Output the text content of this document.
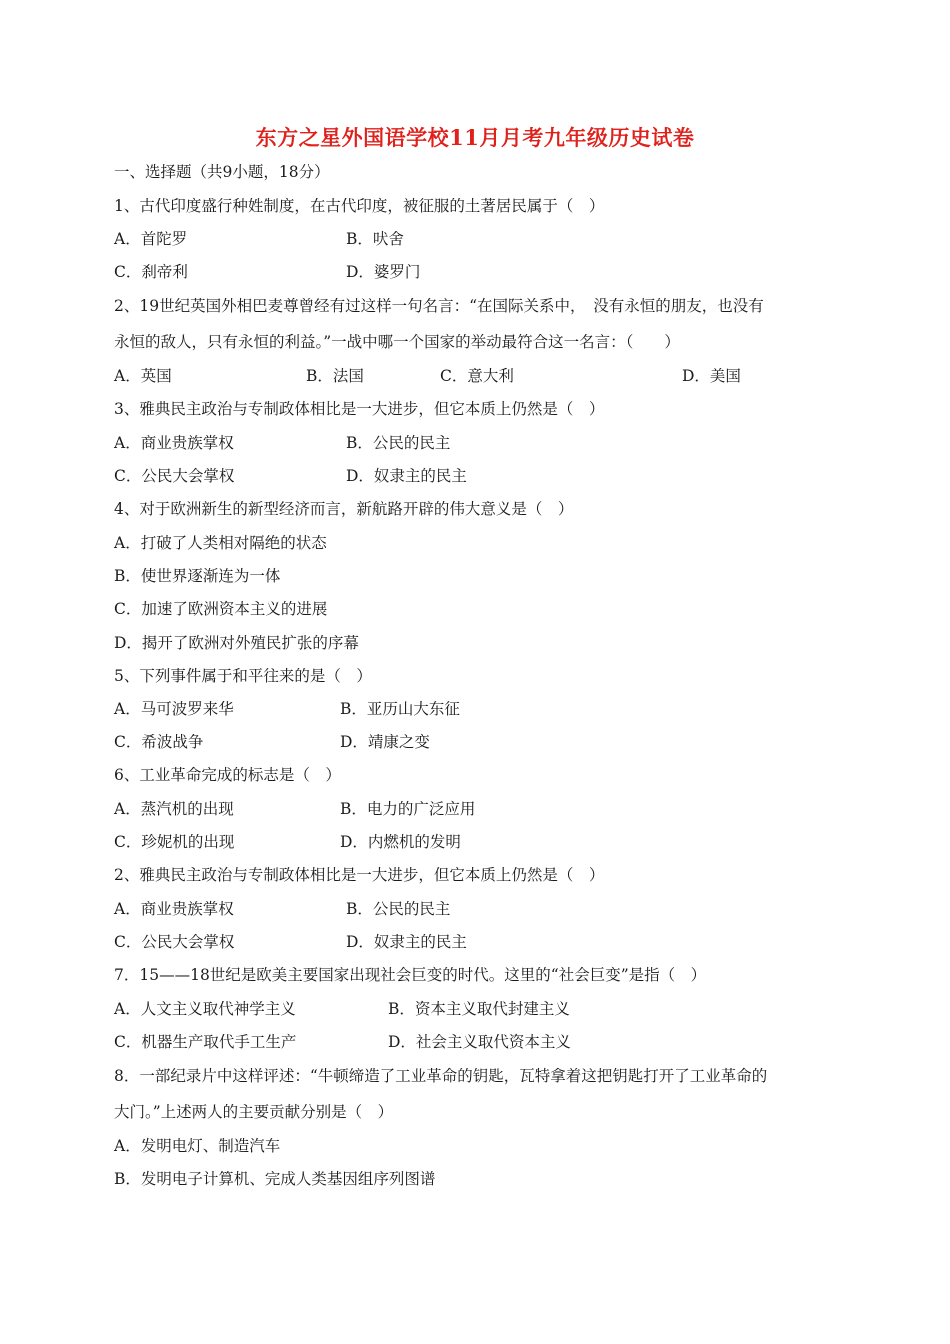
东方之星外国语学校11月月考九年级历史试卷
一、选择题（共9小题，18分）
1、古代印度盛行种姓制度，在古代印度，被征服的土著居民属于（　）
A．首陀罗	B．吠舍
C．刹帝利	D．婆罗门
2、19世纪英国外相巴麦尊曾经有过这样一句名言：“在国际关系中，　没有永恒的朋友，也没有
永恒的敌人，只有永恒的利益。”一战中哪一个国家的举动最符合这一名言：（　　）
A．英国	B．法国	C．意大利	D．美国
3、雅典民主政治与专制政体相比是一大进步，但它本质上仍然是（　）
A．商业贵族掌权	B．公民的民主
C．公民大会掌权	D．奴隶主的民主
4、对于欧洲新生的新型经济而言，新航路开辟的伟大意义是（　）
A．打破了人类相对隔绝的状态
B．使世界逐渐连为一体
C．加速了欧洲资本主义的进展
D．揭开了欧洲对外殖民扩张的序幕
5、下列事件属于和平往来的是（　）
A．马可波罗来华	B．亚历山大东征
C．希波战争	D．靖康之变
6、工业革命完成的标志是（　）
A．蒸汽机的出现	B．电力的广泛应用
C．珍妮机的出现	D．内燃机的发明
2、雅典民主政治与专制政体相比是一大进步，但它本质上仍然是（　）
A．商业贵族掌权	B．公民的民主
C．公民大会掌权	D．奴隶主的民主
7．15——18世纪是欧美主要国家出现社会巨变的时代。这里的“社会巨变”是指（　）
A．人文主义取代神学主义	B．资本主义取代封建主义
C．机器生产取代手工生产	D．社会主义取代资本主义
8．一部纪录片中这样评述：“牛顿缔造了工业革命的钥匙，瓦特拿着这把钥匙打开了工业革命的
大门。”上述两人的主要贡献分别是（　）
A．发明电灯、制造汽车
B．发明电子计算机、完成人类基因组序列图谱
